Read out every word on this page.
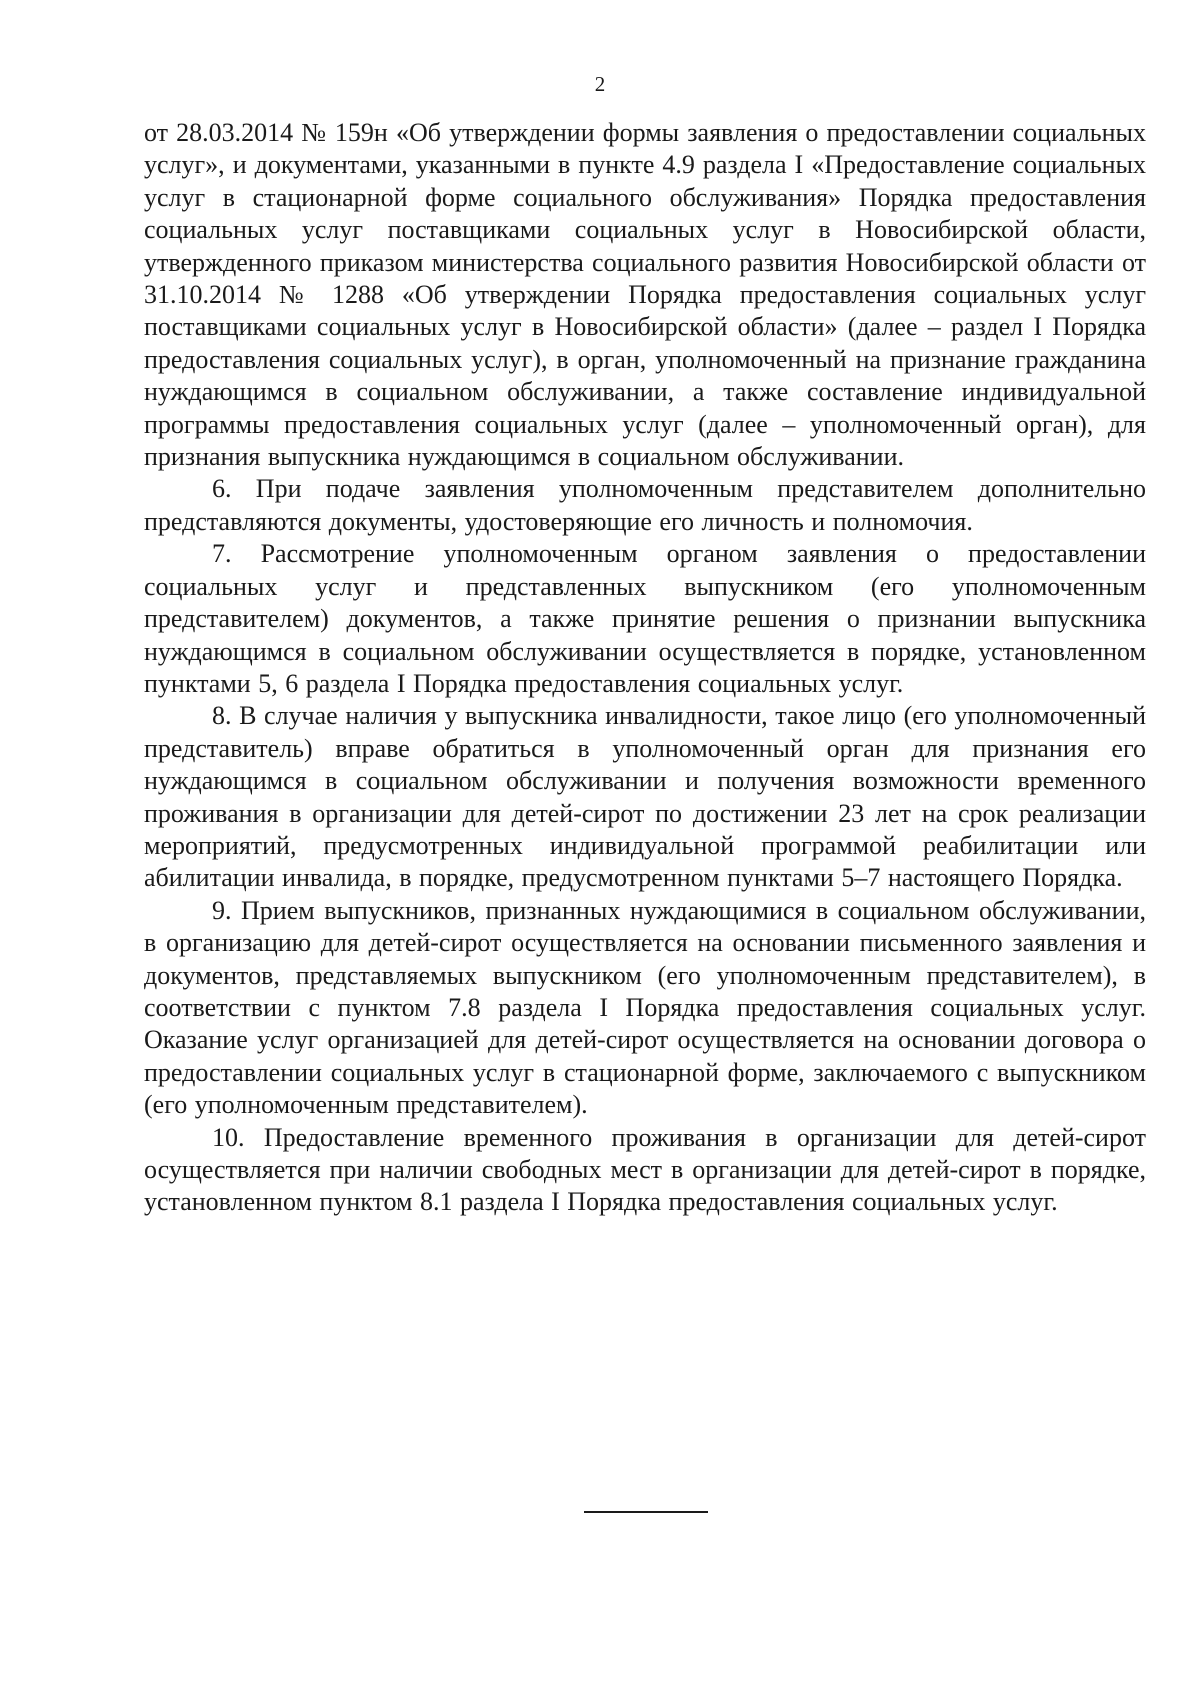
2

от 28.03.2014 № 159н «Об утверждении формы заявления о предоставлении социальных услуг», и документами, указанными в пункте 4.9 раздела I «Предоставление социальных услуг в стационарной форме социального обслуживания» Порядка предоставления социальных услуг поставщиками социальных услуг в Новосибирской области, утвержденного приказом министерства социального развития Новосибирской области от 31.10.2014 № 1288 «Об утверждении Порядка предоставления социальных услуг поставщиками социальных услуг в Новосибирской области» (далее – раздел I Порядка предоставления социальных услуг), в орган, уполномоченный на признание гражданина нуждающимся в социальном обслуживании, а также составление индивидуальной программы предоставления социальных услуг (далее – уполномоченный орган), для признания выпускника нуждающимся в социальном обслуживании.

6. При подаче заявления уполномоченным представителем дополнительно представляются документы, удостоверяющие его личность и полномочия.

7. Рассмотрение уполномоченным органом заявления о предоставлении социальных услуг и представленных выпускником (его уполномоченным представителем) документов, а также принятие решения о признании выпускника нуждающимся в социальном обслуживании осуществляется в порядке, установленном пунктами 5, 6 раздела I Порядка предоставления социальных услуг.

8. В случае наличия у выпускника инвалидности, такое лицо (его уполномоченный представитель) вправе обратиться в уполномоченный орган для признания его нуждающимся в социальном обслуживании и получения возможности временного проживания в организации для детей-сирот по достижении 23 лет на срок реализации мероприятий, предусмотренных индивидуальной программой реабилитации или абилитации инвалида, в порядке, предусмотренном пунктами 5–7 настоящего Порядка.

9. Прием выпускников, признанных нуждающимися в социальном обслуживании, в организацию для детей-сирот осуществляется на основании письменного заявления и документов, представляемых выпускником (его уполномоченным представителем), в соответствии с пунктом 7.8 раздела I Порядка предоставления социальных услуг. Оказание услуг организацией для детей-сирот осуществляется на основании договора о предоставлении социальных услуг в стационарной форме, заключаемого с выпускником (его уполномоченным представителем).

10. Предоставление временного проживания в организации для детей-сирот осуществляется при наличии свободных мест в организации для детей-сирот в порядке, установленном пунктом 8.1 раздела I Порядка предоставления социальных услуг.
